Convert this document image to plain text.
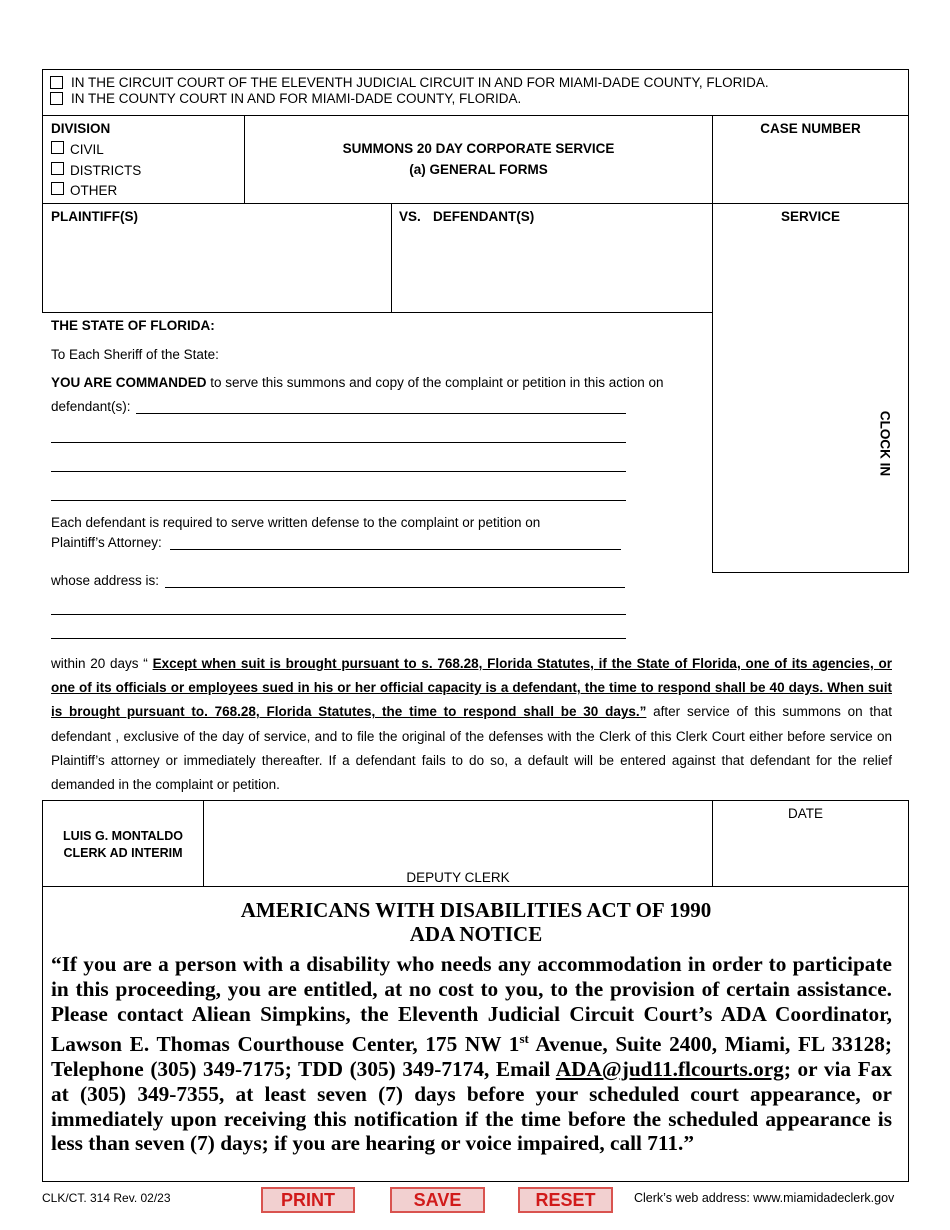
IN THE CIRCUIT COURT OF THE ELEVENTH JUDICIAL CIRCUIT IN AND FOR MIAMI-DADE COUNTY, FLORIDA.
IN THE COUNTY COURT IN AND FOR MIAMI-DADE COUNTY, FLORIDA.
DIVISION
CIVIL
DISTRICTS
OTHER
SUMMONS 20 DAY CORPORATE SERVICE
(a) GENERAL FORMS
CASE NUMBER
PLAINTIFF(S)	VS. DEFENDANT(S)	SERVICE
CLOCK IN
THE STATE OF FLORIDA:
To Each Sheriff of the State:
YOU ARE COMMANDED to serve this summons and copy of the complaint or petition in this action on
defendant(s):
Each defendant is required to serve written defense to the complaint or petition on
Plaintiff’s Attorney:
whose address is:
within 20 days “ Except when suit is brought pursuant to s. 768.28, Florida Statutes, if the State of Florida, one of its agencies, or one of its officials or employees sued in his or her official capacity is a defendant, the time to respond shall be 40 days. When suit is brought pursuant to. 768.28, Florida Statutes, the time to respond shall be 30 days.” after service of this summons on that defendant , exclusive of the day of service, and to file the original of the defenses with the Clerk of this Clerk Court either before service on Plaintiff’s attorney or immediately thereafter. If a defendant fails to do so, a default will be entered against that defendant for the relief demanded in the complaint or petition.
LUIS G. MONTALDO
CLERK AD INTERIM
DEPUTY CLERK
DATE
AMERICANS WITH DISABILITIES ACT OF 1990
ADA NOTICE
“If you are a person with a disability who needs any accommodation in order to participate in this proceeding, you are entitled, at no cost to you, to the provision of certain assistance. Please contact Aliean Simpkins, the Eleventh Judicial Circuit Court’s ADA Coordinator, Lawson E. Thomas Courthouse Center, 175 NW 1st Avenue, Suite 2400, Miami, FL 33128; Telephone (305) 349-7175; TDD (305) 349-7174, Email ADA@jud11.flcourts.org; or via Fax at (305) 349-7355, at least seven (7) days before your scheduled court appearance, or immediately upon receiving this notification if the time before the scheduled appearance is less than seven (7) days; if you are hearing or voice impaired, call 711.”
CLK/CT. 314 Rev. 02/23	PRINT	SAVE	RESET	Clerk’s web address: www.miamidadeclerk.gov
